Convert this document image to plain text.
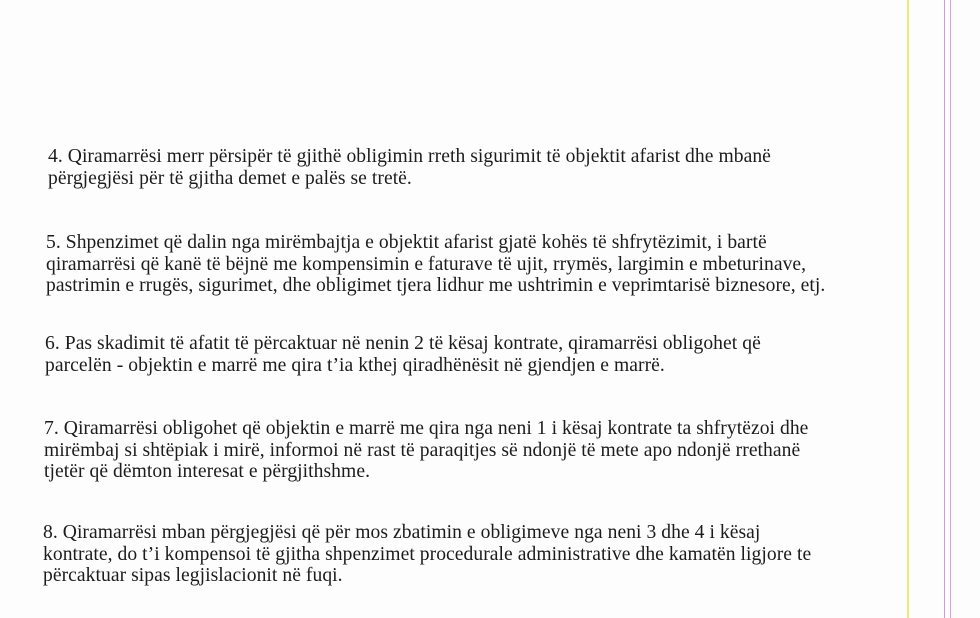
4. Qiramarrësi merr përsipër të gjithë obligimin rreth sigurimit të objektit afarist dhe mbanë
përgjegjësi për të gjitha demet e palës se tretë.
5. Shpenzimet që dalin nga mirëmbajtja e objektit afarist gjatë kohës të shfrytëzimit, i bartë
qiramarrësi që kanë të bëjnë me kompensimin e faturave të ujit, rrymës, largimin e mbeturinave,
pastrimin e rrugës, sigurimet, dhe obligimet tjera lidhur me ushtrimin e veprimtarisë biznesore, etj.
6. Pas skadimit të afatit të përcaktuar në nenin 2 të kësaj kontrate, qiramarrësi obligohet që
parcelën - objektin e marrë me qira t’ia kthej qiradhënësit në gjendjen e marrë.
7. Qiramarrësi obligohet që objektin e marrë me qira nga neni 1 i kësaj kontrate ta shfrytëzoi dhe
mirëmbaj si shtëpiak i mirë, informoi në rast të paraqitjes së ndonjë të mete apo ndonjë rrethanë
tjetër që dëmton interesat e përgjithshme.
8. Qiramarrësi mban përgjegjësi që për mos zbatimin e obligimeve nga neni 3 dhe 4 i kësaj
kontrate, do t’i kompensoi të gjitha shpenzimet procedurale administrative dhe kamatën ligjore te
përcaktuar sipas legjislacionit në fuqi.
